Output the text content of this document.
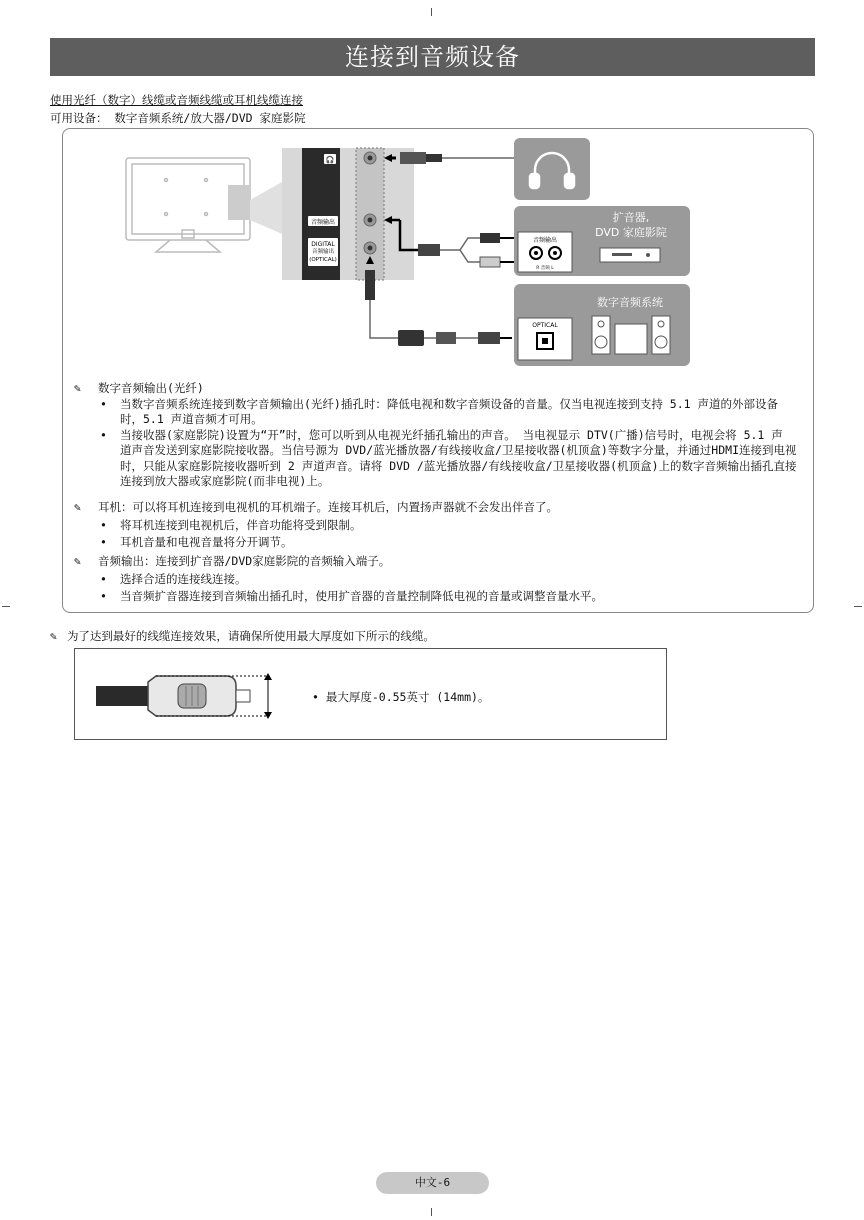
连接到音频设备
使用光纤（数字）线缆或音频线缆或耳机线缆连接
可用设备： 数字音频系统/放大器/DVD 家庭影院
🎧
音频输出
DIGITAL
音频输出
(OPTICAL)
扩音器,
DVD 家庭影院
音频输出
R 音频 L
数字音频系统
OPTICAL
✎ 数字音频输出(光纤)
• 当数字音频系统连接到数字音频输出(光纤)插孔时：降低电视和数字音频设备的音量。仅当电视连接到支持 5.1 声道的外部设备
时，5.1 声道音频才可用。
• 当接收器(家庭影院)设置为“开”时，您可以听到从电视光纤插孔输出的声音。 当电视显示 DTV(广播)信号时，电视会将 5.1 声
道声音发送到家庭影院接收器。当信号源为 DVD/蓝光播放器/有线接收盒/卫星接收器(机顶盒)等数字分量，并通过HDMI连接到电视
时，只能从家庭影院接收器听到 2 声道声音。请将 DVD /蓝光播放器/有线接收盒/卫星接收器(机顶盒)上的数字音频输出插孔直接
连接到放大器或家庭影院(而非电视)上。
✎ 耳机：可以将耳机连接到电视机的耳机端子。连接耳机后，内置扬声器就不会发出伴音了。
• 将耳机连接到电视机后，伴音功能将受到限制。
• 耳机音量和电视音量将分开调节。
✎ 音频输出：连接到扩音器/DVD家庭影院的音频输入端子。
• 选择合适的连接线连接。
• 当音频扩音器连接到音频输出插孔时，使用扩音器的音量控制降低电视的音量或调整音量水平。
✎ 为了达到最好的线缆连接效果，请确保所使用最大厚度如下所示的线缆。
• 最大厚度-0.55英寸 (14mm)。
中文-6
